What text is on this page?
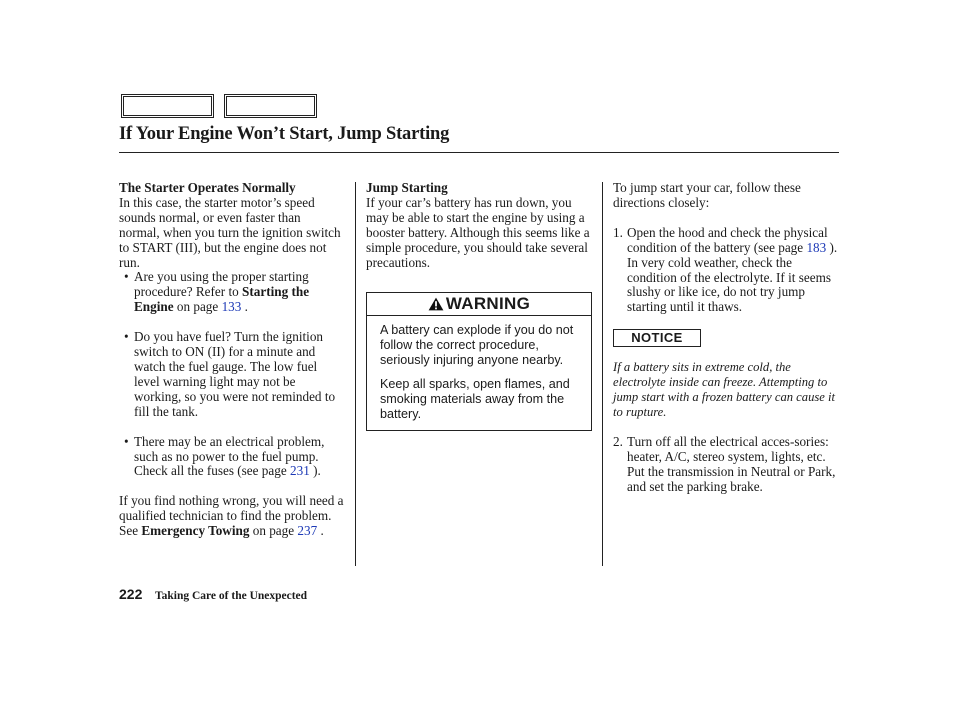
If Your Engine Won’t Start, Jump Starting

The Starter Operates Normally

In this case, the starter motor’s speed sounds normal, or even faster than normal, when you turn the ignition switch to START (III), but the engine does not run.

• Are you using the proper starting procedure? Refer to Starting the Engine on page 133 .
• Do you have fuel? Turn the ignition switch to ON (II) for a minute and watch the fuel gauge. The low fuel level warning light may not be working, so you were not reminded to fill the tank.
• There may be an electrical problem, such as no power to the fuel pump. Check all the fuses (see page 231 ).

If you find nothing wrong, you will need a qualified technician to find the problem. See Emergency Towing on page 237 .

Jump Starting

If your car’s battery has run down, you may be able to start the engine by using a booster battery. Although this seems like a simple procedure, you should take several precautions.

WARNING

A battery can explode if you do not follow the correct procedure, seriously injuring anyone nearby.

Keep all sparks, open flames, and smoking materials away from the battery.

To jump start your car, follow these directions closely:

1. Open the hood and check the physical condition of the battery (see page 183 ). In very cold weather, check the condition of the electrolyte. If it seems slushy or like ice, do not try jump starting until it thaws.
NOTICE

If a battery sits in extreme cold, the electrolyte inside can freeze. Attempting to jump start with a frozen battery can cause it to rupture.

2. Turn off all the electrical acces-sories: heater, A/C, stereo system, lights, etc.
Put the transmission in Neutral or Park, and set the parking brake.
222 Taking Care of the Unexpected
